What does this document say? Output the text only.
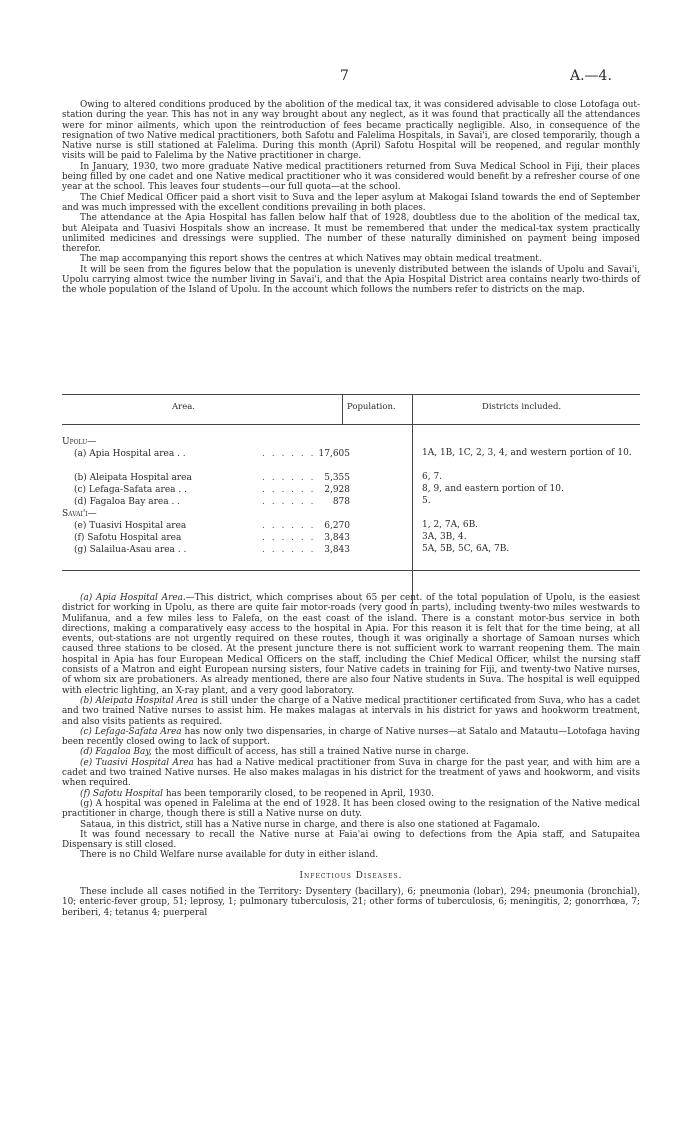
7	A.—4.

Owing to altered conditions produced by the abolition of the medical tax, it was considered advisable to close Lotofaga out-station during the year. This has not in any way brought about any neglect, as it was found that practically all the attendances were for minor ailments, which upon the reintroduction of fees became practically negligible. Also, in consequence of the resignation of two Native medical practitioners, both Safotu and Falelima Hospitals, in Savai'i, are closed temporarily, though a Native nurse is still stationed at Falelima. During this month (April) Safotu Hospital will be reopened, and regular monthly visits will be paid to Falelima by the Native practitioner in charge.

In January, 1930, two more graduate Native medical practitioners returned from Suva Medical School in Fiji, their places being filled by one cadet and one Native medical practitioner who it was considered would benefit by a refresher course of one year at the school. This leaves four students—our full quota—at the school.

The Chief Medical Officer paid a short visit to Suva and the leper asylum at Makogai Island towards the end of September and was much impressed with the excellent conditions prevailing in both places.

The attendance at the Apia Hospital has fallen below half that of 1928, doubtless due to the abolition of the medical tax, but Aleipata and Tuasivi Hospitals show an increase. It must be remembered that under the medical-tax system practically unlimited medicines and dressings were supplied. The number of these naturally diminished on payment being imposed therefor.

The map accompanying this report shows the centres at which Natives may obtain medical treatment.

It will be seen from the figures below that the population is unevenly distributed between the islands of Upolu and Savai'i, Upolu carrying almost twice the number living in Savai'i, and that the Apia Hospital District area contains nearly two-thirds of the whole population of the Island of Upolu. In the account which follows the numbers refer to districts on the map.

Area.	Population.	Districts included.
Upolu—
(a) Apia Hospital area . .	. . . . . . 17,605	1A, 1B, 1C, 2, 3, 4, and western portion of 10.
(b) Aleipata Hospital area	. . . . . . 5,355	6, 7.
(c) Lefaga-Safata area . .	. . . . . . 2,928	8, 9, and eastern portion of 10.
(d) Fagaloa Bay area . .	. . . . . . 878	5.
Savai'i—
(e) Tuasivi Hospital area	. . . . . . 6,270	1, 2, 7A, 6B.
(f) Safotu Hospital area	. . . . . . 3,843	3A, 3B, 4.
(g) Salailua-Asau area . .	. . . . . . 3,843	5A, 5B, 5C, 6A, 7B.

(a) Apia Hospital Area.—This district, which comprises about 65 per cent. of the total population of Upolu, is the easiest district for working in Upolu, as there are quite fair motor-roads (very good in parts), including twenty-two miles westwards to Mulifanua, and a few miles less to Falefa, on the east coast of the island. There is a constant motor-bus service in both directions, making a comparatively easy access to the hospital in Apia. For this reason it is felt that for the time being, at all events, out-stations are not urgently required on these routes, though it was originally a shortage of Samoan nurses which caused three stations to be closed. At the present juncture there is not sufficient work to warrant reopening them. The main hospital in Apia has four European Medical Officers on the staff, including the Chief Medical Officer, whilst the nursing staff consists of a Matron and eight European nursing sisters, four Native cadets in training for Fiji, and twenty-two Native nurses, of whom six are probationers. As already mentioned, there are also four Native students in Suva. The hospital is well equipped with electric lighting, an X-ray plant, and a very good laboratory.

(b) Aleipata Hospital Area is still under the charge of a Native medical practitioner certificated from Suva, who has a cadet and two trained Native nurses to assist him. He makes malagas at intervals in his district for yaws and hookworm treatment, and also visits patients as required.

(c) Lefaga-Safata Area has now only two dispensaries, in charge of Native nurses—at Satalo and Matautu—Lotofaga having been recently closed owing to lack of support.

(d) Fagaloa Bay, the most difficult of access, has still a trained Native nurse in charge.

(e) Tuasivi Hospital Area has had a Native medical practitioner from Suva in charge for the past year, and with him are a cadet and two trained Native nurses. He also makes malagas in his district for the treatment of yaws and hookworm, and visits when required.

(f) Safotu Hospital has been temporarily closed, to be reopened in April, 1930.

(g) A hospital was opened in Falelima at the end of 1928. It has been closed owing to the resignation of the Native medical practitioner in charge, though there is still a Native nurse on duty.

Sataua, in this district, still has a Native nurse in charge, and there is also one stationed at Fagamalo.

It was found necessary to recall the Native nurse at Faia'ai owing to defections from the Apia staff, and Satupaitea Dispensary is still closed.

There is no Child Welfare nurse available for duty in either island.

Infectious Diseases.

These include all cases notified in the Territory: Dysentery (bacillary), 6; pneumonia (lobar), 294; pneumonia (bronchial), 10; enteric-fever group, 51; leprosy, 1; pulmonary tuberculosis, 21; other forms of tuberculosis, 6; meningitis, 2; gonorrhœa, 7; beriberi, 4; tetanus 4; puerperal
